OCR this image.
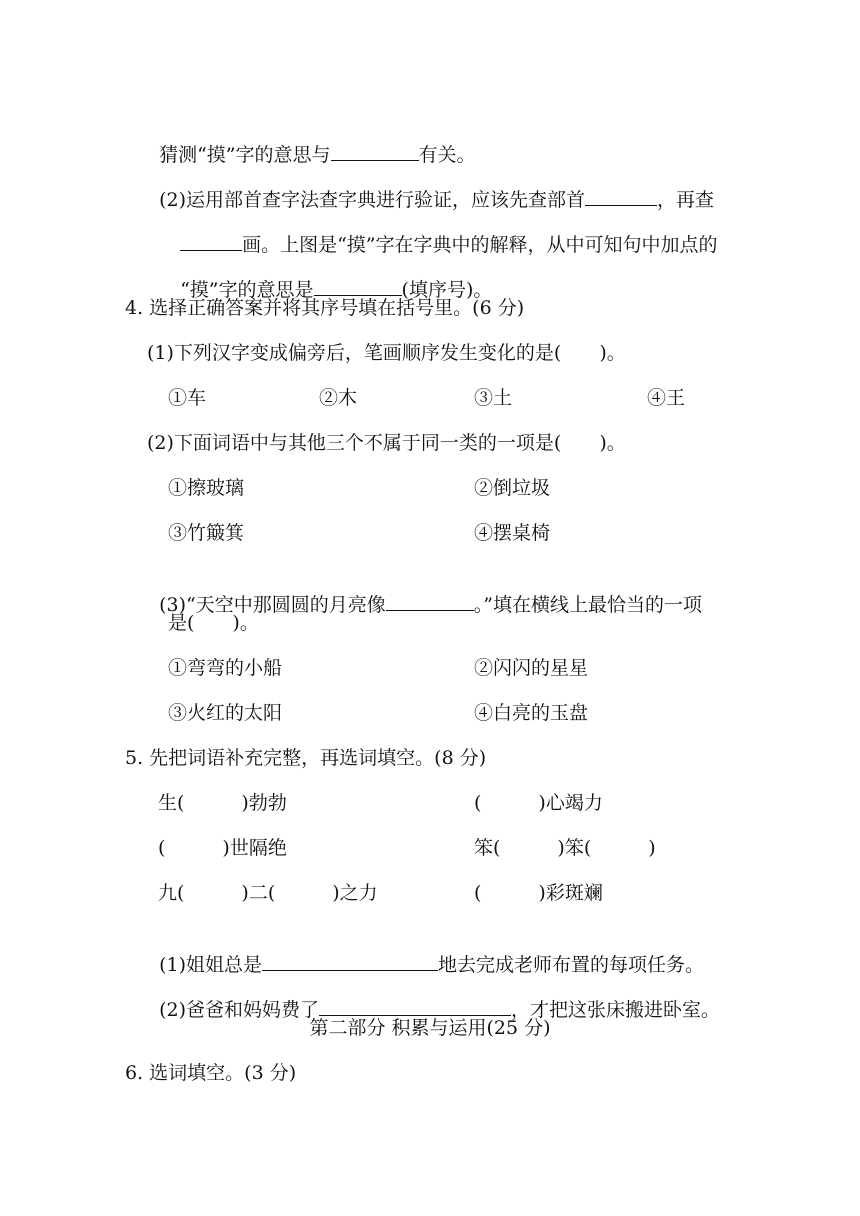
猜测“摸”字的意思与	有关。

(2)运用部首查字法查字典进行验证，应该先查部首	，再查

画。上图是“摸”字在字典中的解释，从中可知句中加点的

“摸”字的意思是	(填序号)。

4. 选择正确答案并将其序号填在括号里。(6 分)
(1)下列汉字变成偏旁后，笔画顺序发生变化的是(　　)。
①车	②木	③土	④王
(2)下面词语中与其他三个不属于同一类的一项是(　　)。
①擦玻璃	②倒垃圾
③竹簸箕	④摆桌椅

(3)“天空中那圆圆的月亮像	。”填在横线上最恰当的一项

是(　　)。
①弯弯的小船	②闪闪的星星
③火红的太阳	④白亮的玉盘
5. 先把词语补充完整，再选词填空。(8 分)
生(　　　)勃勃	(　　　)心竭力
(　　　)世隔绝	笨(　　　)笨(　　　)
九(　　　)二(　　　)之力	(　　　)彩斑斓

(1)姐姐总是	地去完成老师布置的每项任务。

(2)爸爸和妈妈费了	，才把这张床搬进卧室。

第二部分 积累与运用(25 分)
6. 选词填空。(3 分)
